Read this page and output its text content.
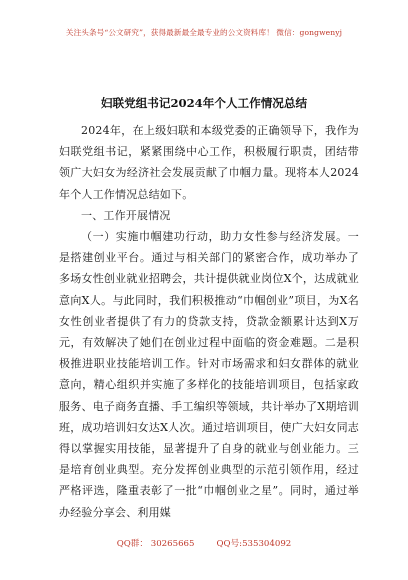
关注头条号“公文研究”，获得最新最全最专业的公文资料库！ 微信：gongwenyj
妇联党组书记2024年个人工作情况总结

2024年，在上级妇联和本级党委的正确领导下，我作为妇联党组书记，紧紧围绕中心工作，积极履行职责，团结带领广大妇女为经济社会发展贡献了巾帼力量。现将本人2024年个人工作情况总结如下。

一、工作开展情况

（一）实施巾帼建功行动，助力女性参与经济发展。一是搭建创业平台。通过与相关部门的紧密合作，成功举办了多场女性创业就业招聘会，共计提供就业岗位X个，达成就业意向X人。与此同时，我们积极推动“巾帼创业”项目，为X名女性创业者提供了有力的贷款支持，贷款金额累计达到X万元，有效解决了她们在创业过程中面临的资金难题。二是积极推进职业技能培训工作。针对市场需求和妇女群体的就业意向，精心组织并实施了多样化的技能培训项目，包括家政服务、电子商务直播、手工编织等领域，共计举办了X期培训班，成功培训妇女达X人次。通过培训项目，使广大妇女同志得以掌握实用技能，显著提升了自身的就业与创业能力。三是培育创业典型。充分发挥创业典型的示范引领作用，经过严格评选，隆重表彰了一批“巾帼创业之星”。同时，通过举办经验分享会、利用媒

QQ群： 30265665	QQ号:535304092
